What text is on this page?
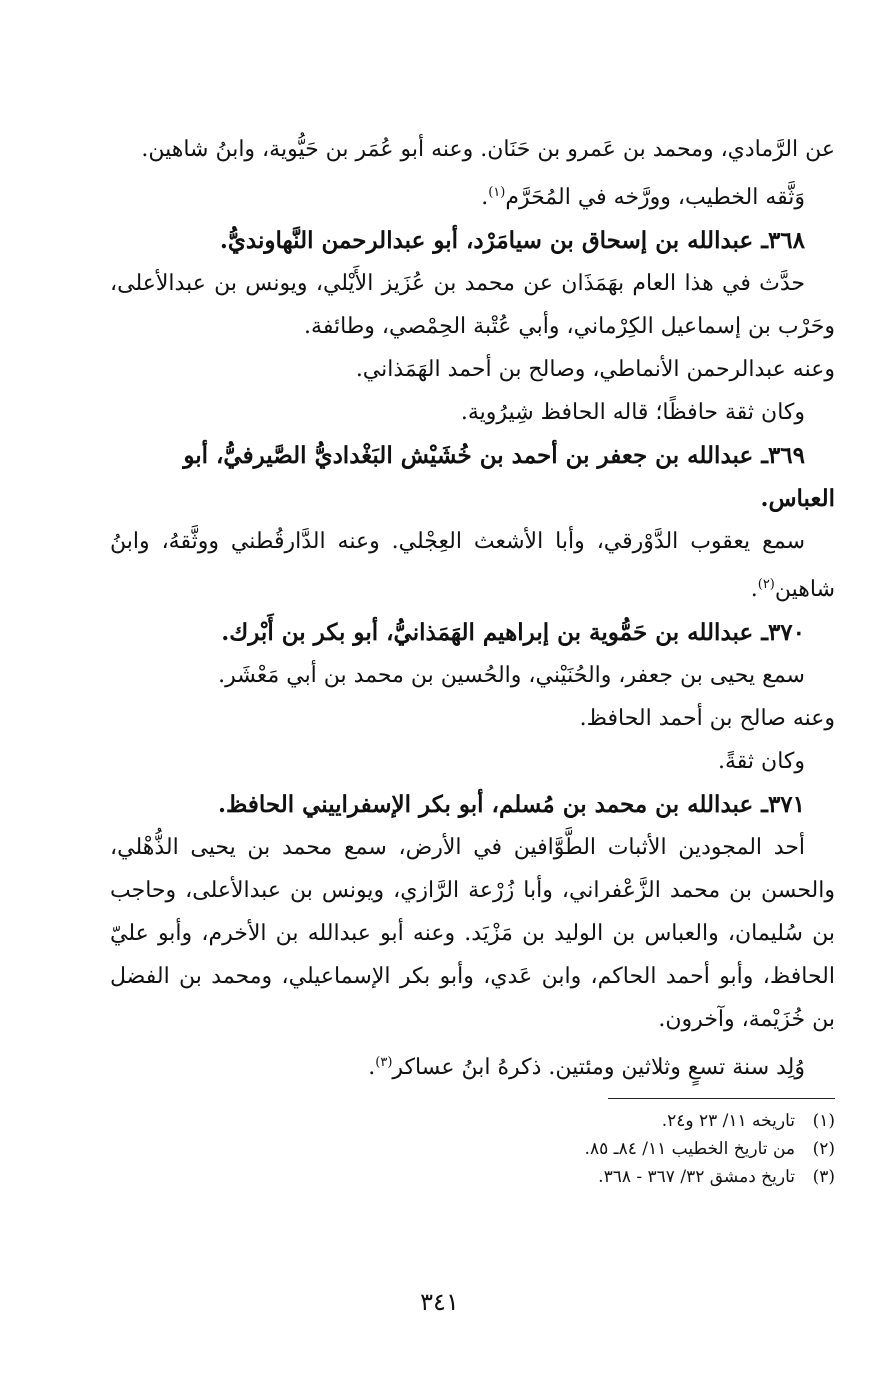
عن الرَّمادي، ومحمد بن عَمرو بن حَنَان. وعنه أبو عُمَر بن حَيُّوية، وابنُ شاهين.

وَثَّقه الخطيب، وورَّخه في المُحَرَّم$^{(١)}$.

٣٦٨ـ عبدالله بن إسحاق بن سيامَرْد، أبو عبدالرحمن النَّهاونديُّ.

حدَّث في هذا العام بهَمَذَان عن محمد بن عُزَيز الأَيْلي، ويونس بن عبدالأعلى، وحَرْب بن إسماعيل الكِرْماني، وأبي عُتْبة الحِمْصي، وطائفة.

وعنه عبدالرحمن الأنماطي، وصالح بن أحمد الهَمَذاني.

وكان ثقة حافظًا؛ قاله الحافظ شِيرُوية.

٣٦٩ـ عبدالله بن جعفر بن أحمد بن خُشَيْش البَغْداديُّ الصَّيرفيُّ، أبو العباس.

سمع يعقوب الدَّوْرقي، وأبا الأشعث العِجْلي. وعنه الدَّارقُطني ووثَّقهُ، وابنُ شاهين$^{(٢)}$.

٣٧٠ـ عبدالله بن حَمُّوية بن إبراهيم الهَمَذانيُّ، أبو بكر بن أَبْرك.

سمع يحيى بن جعفر، والحُنَيْني، والحُسين بن محمد بن أبي مَعْشَر.

وعنه صالح بن أحمد الحافظ.

وكان ثقةً.

٣٧١ـ عبدالله بن محمد بن مُسلم، أبو بكر الإسفراييني الحافظ.

أحد المجودين الأثبات الطَّوَّافين في الأرض، سمع محمد بن يحيى الذُّهْلي، والحسن بن محمد الزَّعْفراني، وأبا زُرْعة الرَّازي، ويونس بن عبدالأعلى، وحاجب بن سُليمان، والعباس بن الوليد بن مَزْيَد. وعنه أبو عبدالله بن الأخرم، وأبو عليّ الحافظ، وأبو أحمد الحاكم، وابن عَدي، وأبو بكر الإسماعيلي، ومحمد بن الفضل بن خُزَيْمة، وآخرون.

وُلِد سنة تسعٍ وثلاثين ومئتين. ذكرهُ ابنُ عساكر$^{(٣)}$.

(١)تاريخه ١١/ ٢٣ و٢٤.

(٢)من تاريخ الخطيب ١١/ ٨٤ـ ٨٥.

(٣)تاريخ دمشق ٣٢/ ٣٦٧ - ٣٦٨.

٣٤١
